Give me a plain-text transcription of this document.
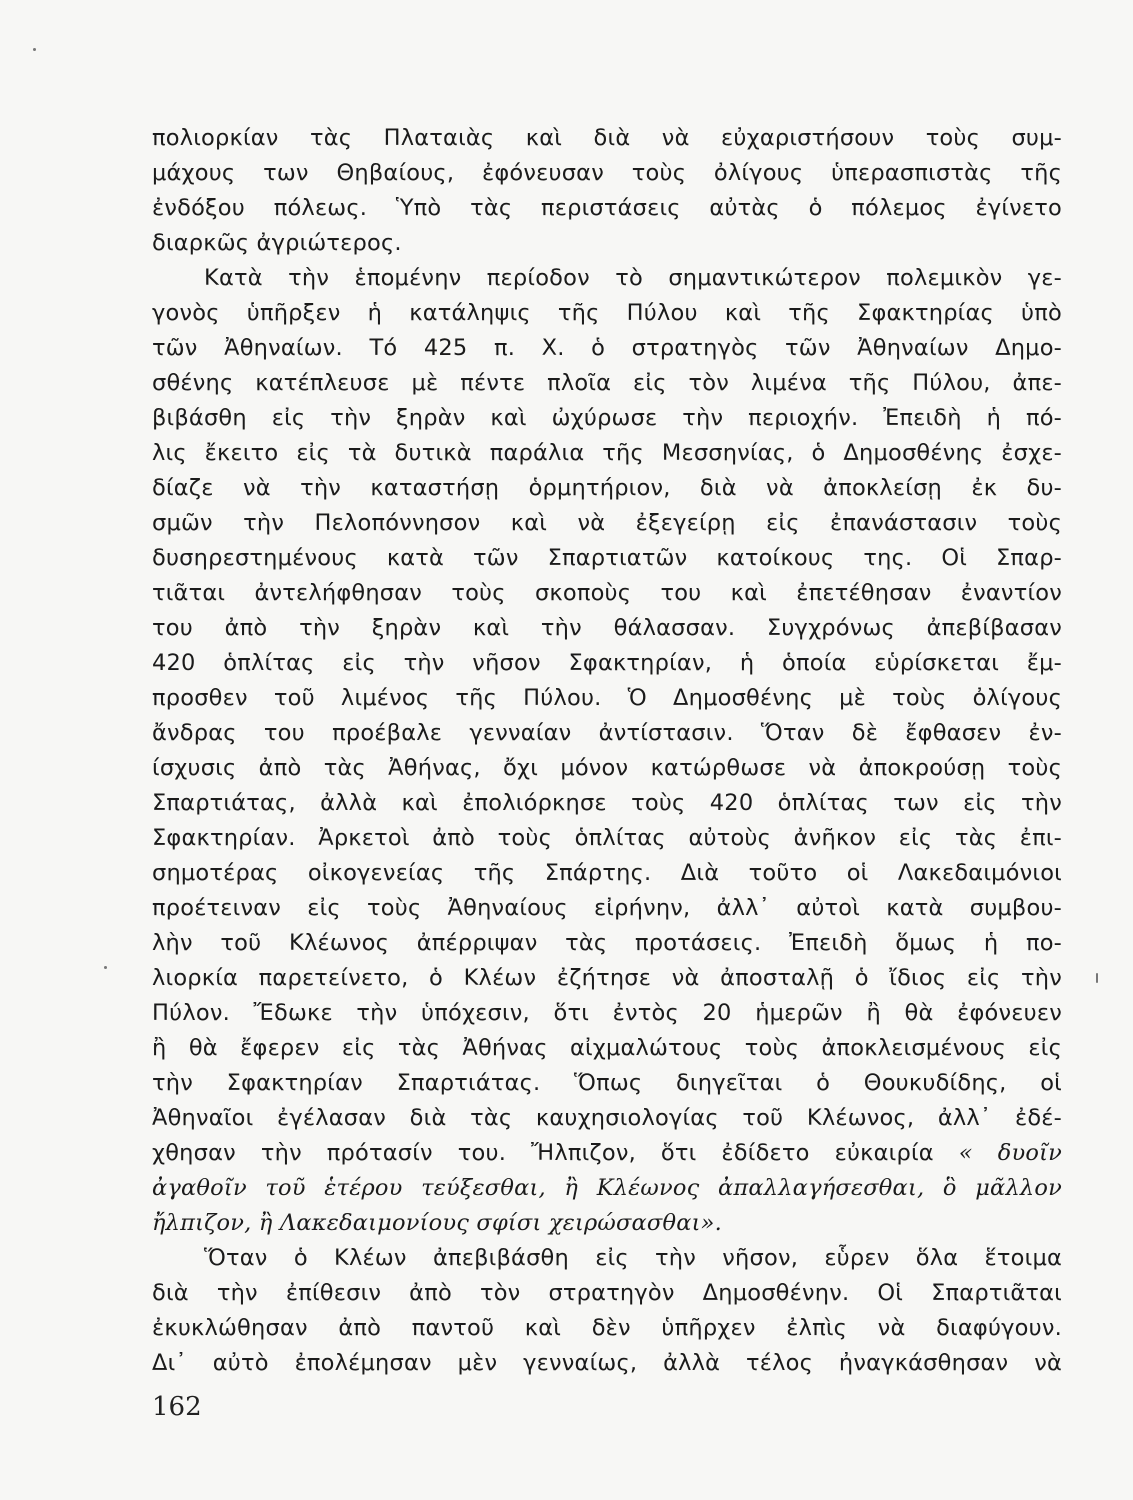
πολιορκίαν τὰς Πλαταιὰς καὶ διὰ νὰ εὐχαριστήσουν τοὺς συμ-
μάχους των Θηβαίους, ἐφόνευσαν τοὺς ὀλίγους ὑπερασπιστὰς τῆς
ἐνδόξου πόλεως. Ὑπὸ τὰς περιστάσεις αὐτὰς ὁ πόλεμος ἐγίνετο
διαρκῶς ἀγριώτερος.
Κατὰ τὴν ἑπομένην περίοδον τὸ σημαντικώτερον πολεμικὸν γε-
γονὸς ὑπῆρξεν ἡ κατάληψις τῆς Πύλου καὶ τῆς Σφακτηρίας ὑπὸ
τῶν Ἀθηναίων. Τό 425 π. Χ. ὁ στρατηγὸς τῶν Ἀθηναίων Δημο-
σθένης κατέπλευσε μὲ πέντε πλοῖα εἰς τὸν λιμένα τῆς Πύλου, ἀπε-
βιβάσθη εἰς τὴν ξηρὰν καὶ ὠχύρωσε τὴν περιοχήν. Ἐπειδὴ ἡ πό-
λις ἔκειτο εἰς τὰ δυτικὰ παράλια τῆς Μεσσηνίας, ὁ Δημοσθένης ἐσχε-
δίαζε νὰ τὴν καταστήσῃ ὁρμητήριον, διὰ νὰ ἀποκλείσῃ ἐκ δυ-
σμῶν τὴν Πελοπόννησον καὶ νὰ ἐξεγείρῃ εἰς ἐπανάστασιν τοὺς
δυσηρεστημένους κατὰ τῶν Σπαρτιατῶν κατοίκους της. Οἱ Σπαρ-
τιᾶται ἀντελήφθησαν τοὺς σκοποὺς του καὶ ἐπετέθησαν ἐναντίον
του ἀπὸ τὴν ξηρὰν καὶ τὴν θάλασσαν. Συγχρόνως ἀπεβίβασαν
420 ὁπλίτας εἰς τὴν νῆσον Σφακτηρίαν, ἡ ὁποία εὑρίσκεται ἔμ-
προσθεν τοῦ λιμένος τῆς Πύλου. Ὁ Δημοσθένης μὲ τοὺς ὀλίγους
ἄνδρας του προέβαλε γενναίαν ἀντίστασιν. Ὅταν δὲ ἔφθασεν ἐν-
ίσχυσις ἀπὸ τὰς Ἀθήνας, ὄχι μόνον κατώρθωσε νὰ ἀποκρούσῃ τοὺς
Σπαρτιάτας, ἀλλὰ καὶ ἐπολιόρκησε τοὺς 420 ὁπλίτας των εἰς τὴν
Σφακτηρίαν. Ἀρκετοὶ ἀπὸ τοὺς ὁπλίτας αὐτοὺς ἀνῆκον εἰς τὰς ἐπι-
σημοτέρας οἰκογενείας τῆς Σπάρτης. Διὰ τοῦτο οἱ Λακεδαιμόνιοι
προέτειναν εἰς τοὺς Ἀθηναίους εἰρήνην, ἀλλ᾽ αὐτοὶ κατὰ συμβου-
λὴν τοῦ Κλέωνος ἀπέρριψαν τὰς προτάσεις. Ἐπειδὴ ὅμως ἡ πο-
λιορκία παρετείνετο, ὁ Κλέων ἐζήτησε νὰ ἀποσταλῇ ὁ ἴδιος εἰς τὴν
Πύλον. Ἔδωκε τὴν ὑπόχεσιν, ὅτι ἐντὸς 20 ἡμερῶν ἢ θὰ ἐφόνευεν
ἢ θὰ ἔφερεν εἰς τὰς Ἀθήνας αἰχμαλώτους τοὺς ἀποκλεισμένους εἰς
τὴν Σφακτηρίαν Σπαρτιάτας. Ὅπως διηγεῖται ὁ Θουκυδίδης, οἱ
Ἀθηναῖοι ἐγέλασαν διὰ τὰς καυχησιολογίας τοῦ Κλέωνος, ἀλλ᾽ ἐδέ-
χθησαν τὴν πρότασίν του. Ἤλπιζον, ὅτι ἐδίδετο εὐκαιρία « δυοῖν
ἀγαθοῖν τοῦ ἑτέρου τεύξεσθαι, ἢ Κλέωνος ἀπαλλαγήσεσθαι, ὃ μᾶλλον
ἤλπιζον, ἢ Λακεδαιμονίους σφίσι χειρώσασθαι».
Ὅταν ὁ Κλέων ἀπεβιβάσθη εἰς τὴν νῆσον, εὗρεν ὅλα ἕτοιμα
διὰ τὴν ἐπίθεσιν ἀπὸ τὸν στρατηγὸν Δημοσθένην. Οἱ Σπαρτιᾶται
ἐκυκλώθησαν ἀπὸ παντοῦ καὶ δὲν ὑπῆρχεν ἐλπὶς νὰ διαφύγουν.
Δι᾽ αὐτὸ ἐπολέμησαν μὲν γενναίως, ἀλλὰ τέλος ἠναγκάσθησαν νὰ
162
